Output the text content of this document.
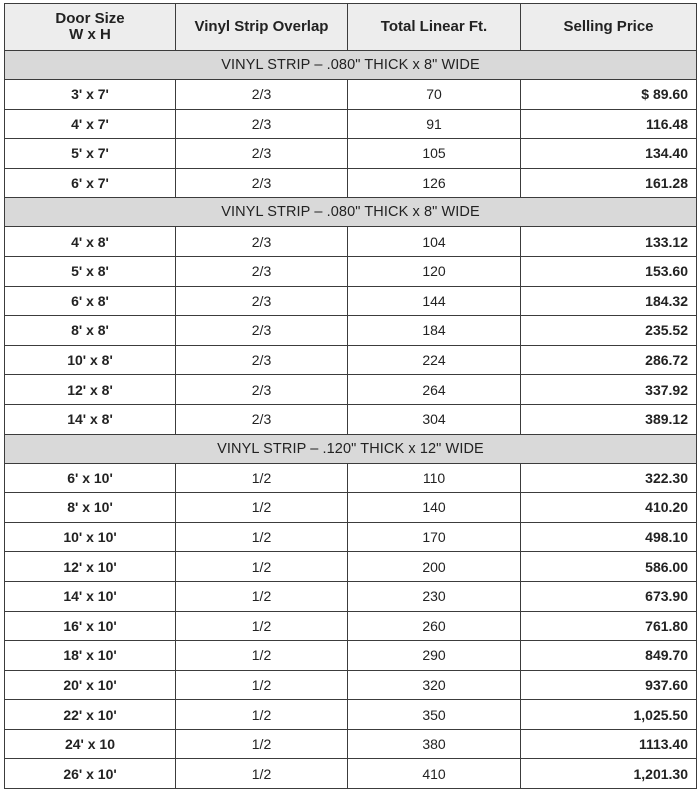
Door Size
W x H	Vinyl Strip Overlap	Total Linear Ft.	Selling Price
VINYL STRIP – .080" THICK x 8" WIDE			
3' x 7'	2/3	70	$ 89.60
4' x 7'	2/3	91	116.48
5' x 7'	2/3	105	134.40
6' x 7'	2/3	126	161.28
VINYL STRIP – .080" THICK x 8" WIDE			
4' x 8'	2/3	104	133.12
5' x 8'	2/3	120	153.60
6' x 8'	2/3	144	184.32
8' x 8'	2/3	184	235.52
10' x 8'	2/3	224	286.72
12' x 8'	2/3	264	337.92
14' x 8'	2/3	304	389.12
VINYL STRIP – .120" THICK x 12" WIDE			
6' x 10'	1/2	110	322.30
8' x 10'	1/2	140	410.20
10' x 10'	1/2	170	498.10
12' x 10'	1/2	200	586.00
14' x 10'	1/2	230	673.90
16' x 10'	1/2	260	761.80
18' x 10'	1/2	290	849.70
20' x 10'	1/2	320	937.60
22' x 10'	1/2	350	1,025.50
24' x 10	1/2	380	1113.40
26' x 10'	1/2	410	1,201.30
